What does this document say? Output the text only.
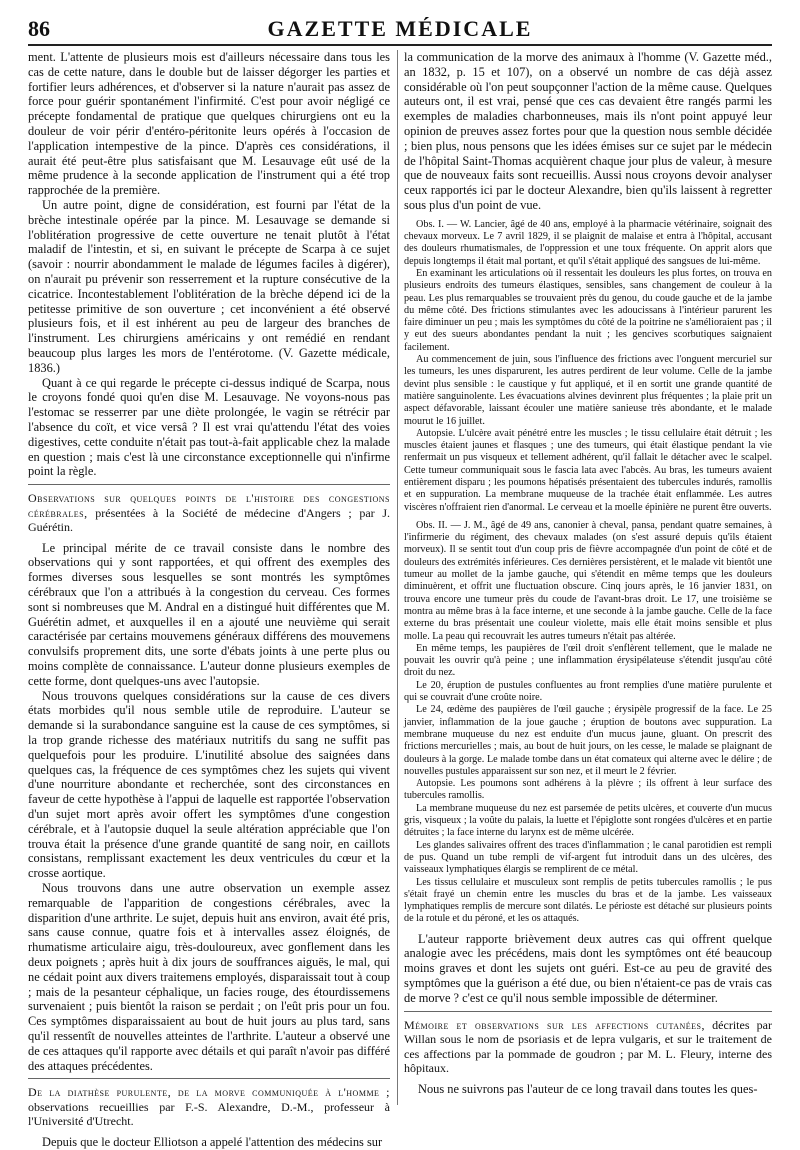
86	GAZETTE MÉDICALE

ment. L'attente de plusieurs mois est d'ailleurs nécessaire dans tous les cas de cette nature, dans le double but de laisser dégorger les parties et fortifier leurs adhérences, et d'observer si la nature n'aurait pas assez de force pour guérir spontanément l'infirmité. C'est pour avoir négligé ce précepte fondamental de pratique que quelques chirurgiens ont eu la douleur de voir périr d'entéro-péritonite leurs opérés à l'occasion de l'application intempestive de la pince. D'après ces considérations, il aurait été peut-être plus satisfaisant que M. Lesauvage eût usé de la même prudence à la seconde application de l'instrument qui a été trop rapprochée de la première.

Un autre point, digne de considération, est fourni par l'état de la brèche intestinale opérée par la pince. M. Lesauvage se demande si l'oblitération progressive de cette ouverture ne tenait plutôt à l'état maladif de l'intestin, et si, en suivant le précepte de Scarpa à ce sujet (savoir : nourrir abondamment le malade de légumes faciles à digérer), on n'aurait pu prévenir son resserrement et la rupture consécutive de la cicatrice. Incontestablement l'oblitération de la brèche dépend ici de la petitesse primitive de son ouverture ; cet inconvénient a été observé plusieurs fois, et il est inhérent au peu de largeur des branches de l'instrument. Les chirurgiens américains y ont remédié en rendant beaucoup plus larges les mors de l'entérotome. (V. Gazette médicale, 1836.)

Quant à ce qui regarde le précepte ci-dessus indiqué de Scarpa, nous le croyons fondé quoi qu'en dise M. Lesauvage. Ne voyons-nous pas l'estomac se resserrer par une diète prolongée, le vagin se rétrécir par l'absence du coït, et vice versâ ? Il est vrai qu'attendu l'état des voies digestives, cette conduite n'était pas tout-à-fait applicable chez la malade en question ; mais c'est là une circonstance exceptionnelle qui n'infirme point la règle.

Observations sur quelques points de l'histoire des congestions cérébrales, présentées à la Société de médecine d'Angers ; par J. Guérétin.

Le principal mérite de ce travail consiste dans le nombre des observations qui y sont rapportées, et qui offrent des exemples des formes diverses sous lesquelles se sont montrés les symptômes cérébraux que l'on a attribués à la congestion du cerveau. Ces formes sont si nombreuses que M. Andral en a distingué huit différentes que M. Guérétin admet, et auxquelles il en a ajouté une neuvième qui serait caractérisée par certains mouvemens généraux différens des mouvemens convulsifs proprement dits, une sorte d'ébats joints à une perte plus ou moins complète de connaissance. L'auteur donne plusieurs exemples de cette forme, dont quelques-uns avec l'autopsie.

Nous trouvons quelques considérations sur la cause de ces divers états morbides qu'il nous semble utile de reproduire. L'auteur se demande si la surabondance sanguine est la cause de ces symptômes, si la trop grande richesse des matériaux nutritifs du sang ne suffit pas quelquefois pour les produire. L'inutilité absolue des saignées dans quelques cas, la fréquence de ces symptômes chez les sujets qui vivent d'une nourriture abondante et recherchée, sont des circonstances en faveur de cette hypothèse à l'appui de laquelle est rapportée l'observation d'un sujet mort après avoir offert les symptômes d'une congestion cérébrale, et à l'autopsie duquel la seule altération appréciable que l'on trouva était la présence d'une grande quantité de sang noir, en caillots consistans, remplissant exactement les deux ventricules du cœur et la crosse aortique.

Nous trouvons dans une autre observation un exemple assez remarquable de l'apparition de congestions cérébrales, avec la disparition d'une arthrite. Le sujet, depuis huit ans environ, avait été pris, sans cause connue, quatre fois et à intervalles assez éloignés, de rhumatisme articulaire aigu, très-douloureux, avec gonflement dans les deux poignets ; après huit à dix jours de souffrances aiguës, le mal, qui ne cédait point aux divers traitemens employés, disparaissait tout à coup ; mais de la pesanteur céphalique, un facies rouge, des étourdissemens survenaient ; puis bientôt la raison se perdait ; on l'eût pris pour un fou. Ces symptômes disparaissaient au bout de huit jours au plus tard, sans qu'il ressentît de nouvelles atteintes de l'arthrite. L'auteur a observé une de ces attaques qu'il rapporte avec détails et qui paraît n'avoir pas différé des attaques précédentes.

De la diathèse purulente, de la morve communiquée à l'homme ; observations recueillies par F.-S. Alexandre, D.-M., professeur à l'Université d'Utrecht.

Depuis que le docteur Elliotson a appelé l'attention des médecins sur

la communication de la morve des animaux à l'homme (V. Gazette méd., an 1832, p. 15 et 107), on a observé un nombre de cas déjà assez considérable où l'on peut soupçonner l'action de la même cause. Quelques auteurs ont, il est vrai, pensé que ces cas devaient être rangés parmi les exemples de maladies charbonneuses, mais ils n'ont point appuyé leur opinion de preuves assez fortes pour que la question nous semble décidée ; bien plus, nous pensons que les idées émises sur ce sujet par le médecin de l'hôpital Saint-Thomas acquièrent chaque jour plus de valeur, à mesure que de nouveaux faits sont recueillis. Aussi nous croyons devoir analyser ceux rapportés ici par le docteur Alexandre, bien qu'ils laissent à regretter sous plus d'un point de vue.

Obs. I. — W. Lancier, âgé de 40 ans, employé à la pharmacie vétérinaire, soignait des chevaux morveux. Le 7 avril 1829, il se plaignit de malaise et entra à l'hôpital, accusant des douleurs rhumatismales, de l'oppression et une toux fréquente. On apprit alors que depuis longtemps il était mal portant, et qu'il s'était appliqué des sangsues de lui-même.

En examinant les articulations où il ressentait les douleurs les plus fortes, on trouva en plusieurs endroits des tumeurs élastiques, sensibles, sans changement de couleur à la peau. Les plus remarquables se trouvaient près du genou, du coude gauche et de la jambe du même côté. Des frictions stimulantes avec les adoucissans à l'intérieur parurent les faire diminuer un peu ; mais les symptômes du côté de la poitrine ne s'amélioraient pas ; il y eut des sueurs abondantes pendant la nuit ; les gencives scorbutiques saignaient facilement.

Au commencement de juin, sous l'influence des frictions avec l'onguent mercuriel sur les tumeurs, les unes disparurent, les autres perdirent de leur volume. Celle de la jambe devint plus sensible : le caustique y fut appliqué, et il en sortit une grande quantité de matière sanguinolente. Les évacuations alvines devinrent plus fréquentes ; la plaie prit un aspect défavorable, laissant écouler une matière sanieuse très abondante, et le malade mourut le 16 juillet.

Autopsie. L'ulcère avait pénétré entre les muscles ; le tissu cellulaire était détruit ; les muscles étaient jaunes et flasques ; une des tumeurs, qui était élastique pendant la vie renfermait un pus visqueux et tellement adhérent, qu'il fallait le détacher avec le scalpel. Cette tumeur communiquait sous le fascia lata avec l'abcès. Au bras, les tumeurs avaient entièrement disparu ; les poumons hépatisés présentaient des tubercules indurés, ramollis et en suppuration. La membrane muqueuse de la trachée était enflammée. Les autres viscères n'offraient rien d'anormal. Le cerveau et la moelle épinière ne purent être ouverts.

Obs. II. — J. M., âgé de 49 ans, canonier à cheval, pansa, pendant quatre semaines, à l'infirmerie du régiment, des chevaux malades (on s'est assuré depuis qu'ils étaient morveux). Il se sentit tout d'un coup pris de fièvre accompagnée d'un point de côté et de douleurs des extrémités inférieures. Ces dernières persistèrent, et le malade vit bientôt une tumeur au mollet de la jambe gauche, qui s'étendit en même temps que les douleurs diminuèrent, et offrit une fluctuation obscure. Cinq jours après, le 16 janvier 1831, on trouva encore une tumeur près du coude de l'avant-bras droit. Le 17, une troisième se montra au même bras à la face interne, et une seconde à la jambe gauche. Celle de la face externe du bras présentait une couleur violette, mais elle était moins sensible et plus molle. La peau qui recouvrait les autres tumeurs n'était pas altérée.

En même temps, les paupières de l'œil droit s'enflèrent tellement, que le malade ne pouvait les ouvrir qu'à peine ; une inflammation érysipélateuse s'étendit jusqu'au côté droit du nez.

Le 20, éruption de pustules confluentes au front remplies d'une matière purulente et qui se couvrait d'une croûte noire.

Le 24, œdème des paupières de l'œil gauche ; érysipèle progressif de la face. Le 25 janvier, inflammation de la joue gauche ; éruption de boutons avec suppuration. La membrane muqueuse du nez est enduite d'un mucus jaune, gluant. On prescrit des frictions mercurielles ; mais, au bout de huit jours, on les cesse, le malade se plaignant de douleurs à la gorge. Le malade tombe dans un état comateux qui alterne avec le délire ; de nouvelles pustules apparaissent sur son nez, et il meurt le 2 février.

Autopsie. Les poumons sont adhérens à la plèvre ; ils offrent à leur surface des tubercules ramollis.

La membrane muqueuse du nez est parsemée de petits ulcères, et couverte d'un mucus gris, visqueux ; la voûte du palais, la luette et l'épiglotte sont rongées d'ulcères et en partie détruites ; la face interne du larynx est de même ulcérée.

Les glandes salivaires offrent des traces d'inflammation ; le canal parotidien est rempli de pus. Quand un tube rempli de vif-argent fut introduit dans un des ulcères, des vaisseaux lymphatiques élargis se remplirent de ce métal.

Les tissus cellulaire et musculeux sont remplis de petits tubercules ramollis ; le pus s'était frayé un chemin entre les muscles du bras et de la jambe. Les vaisseaux lymphatiques remplis de mercure sont dilatés. Le périoste est détaché sur plusieurs points de la rotule et du péroné, et les os attaqués.

L'auteur rapporte brièvement deux autres cas qui offrent quelque analogie avec les précédens, mais dont les symptômes ont été beaucoup moins graves et dont les sujets ont guéri. Est-ce au peu de gravité des symptômes que la guérison a été due, ou bien n'étaient-ce pas de vrais cas de morve ? c'est ce qu'il nous semble impossible de déterminer.

Mémoire et observations sur les affections cutanées, décrites par Willan sous le nom de psoriasis et de lepra vulgaris, et sur le traitement de ces affections par la pommade de goudron ; par M. L. Fleury, interne des hôpitaux.

Nous ne suivrons pas l'auteur de ce long travail dans toutes les ques-
